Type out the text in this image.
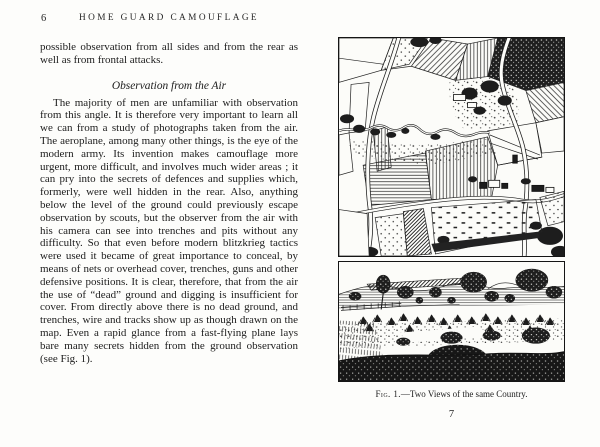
6	HOME GUARD CAMOUFLAGE

possible observation from all sides and from the rear as well as from frontal attacks.

Observation from the Air

The majority of men are unfamiliar with observation from this angle. It is therefore very important to learn all we can from a study of photographs taken from the air. The aeroplane, among many other things, is the eye of the modern army. Its invention makes camouflage more urgent, more difficult, and involves much wider areas ; it can pry into the secrets of defences and supplies which, formerly, were well hidden in the rear. Also, anything below the level of the ground could previously escape observation by scouts, but the observer from the air with his camera can see into trenches and pits without any difficulty. So that even before modern blitzkrieg tactics were used it became of great importance to conceal, by means of nets or overhead cover, trenches, guns and other defensive positions. It is clear, therefore, that from the air the use of “dead” ground and digging is insufficient for cover. From directly above there is no dead ground, and trenches, wire and tracks show up as though drawn on the map. Even a rapid glance from a fast-flying plane lays bare many secrets hidden from the ground observation (see Fig. 1).

Fig. 1.—Two Views of the same Country.
7
